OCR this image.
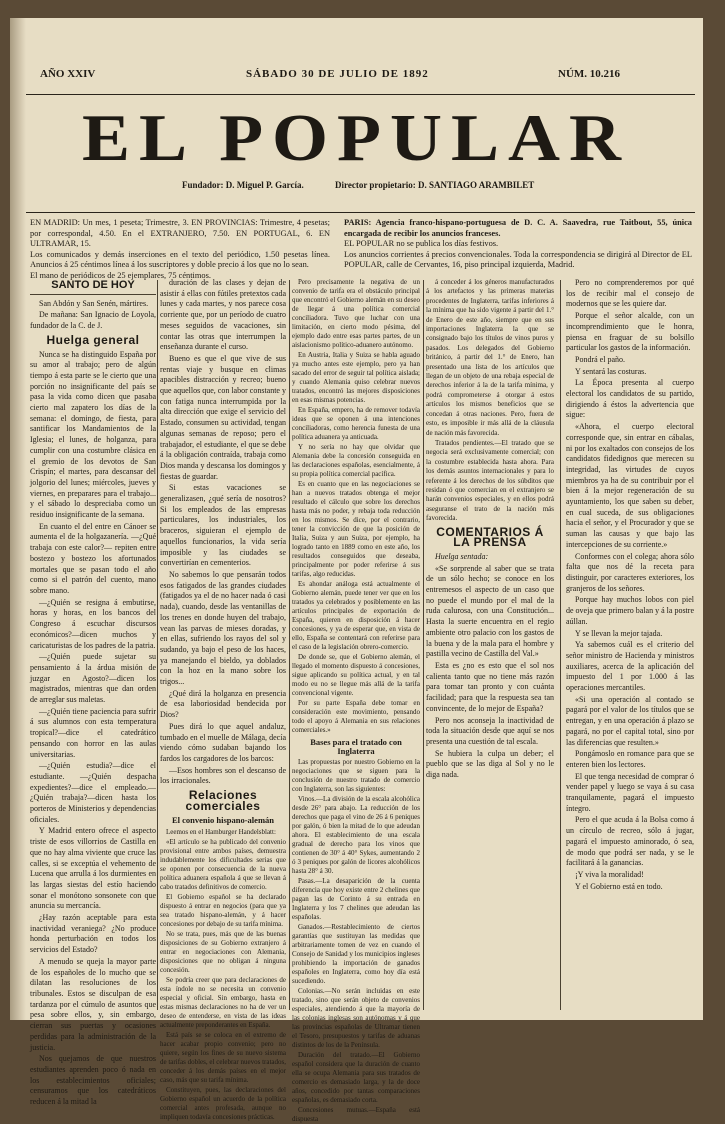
AÑO XXIV	SÁBADO 30 DE JULIO DE 1892	NÚM. 10.216
EL POPULAR
Fundador: D. Miguel P. García.	Director propietario: D. SANTIAGO ARAMBILET

EN MADRID: Un mes, 1 peseta; Trimestre, 3. EN PROVINCIAS: Trimestre, 4 pesetas; por correspondal, 4.50. En el EXTRANJERO, 7.50. EN PORTUGAL, 6. EN ULTRAMAR, 15.

Los comunicados y demás inserciones en el texto del periódico, 1.50 pesetas línea. Anuncios á 25 céntimos línea á los suscriptores y doble precio á los que no lo sean.

El mano de periódicos de 25 ejemplares, 75 céntimos.

PARIS: Agencia franco-hispano-portuguesa de D. C. A. Saavedra, rue Taitbout, 55, única encargada de recibir los anuncios franceses.

EL POPULAR no se publica los días festivos.

Los anuncios corrientes á precios convencionales. Toda la correspondencia se dirigirá al Director de EL POPULAR, calle de Cervantes, 16, piso principal izquierda, Madrid.

SANTO DE HOY

San Abdón y San Senén, mártires.

De mañana: San Ignacio de Loyola, fundador de la C. de J.

Huelga general

Nunca se ha distinguido España por su amor al trabajo; pero de algún tiempo á esta parte se le cierto que una porción no insignificante del país se pasa la vida como dicen que pasaba cierto mal zapatero los días de la semana: el domingo, de fiesta, para santificar los Mandamientos de la Iglesia; el lunes, de holganza, para cumplir con una costumbre clásica en el gremio de los devotos de San Crispín; el martes, para descansar del jolgorio del lunes; miércoles, jueves y viernes, en preparares para el trabajo... y el sábado lo despreciaba como un residuo insignificante de la semana.

En cuanto el del entre en Cánoer se aumenta el de la holgazanería. —¿Qué trabaja con este calor?— repiten entre bostezo y bostezo los afortunados mortales que se pasan todo el año como si el patrón del cuento, mano sobre mano.

—¿Quién se resigna á embutirse, horas y horas, en los bancos del Congreso á escuchar discursos económicos?—dicen muchos y caricaturistas de los padres de la patria.

—¿Quién puede sujetar su pensamiento á la árdua misión de juzgar en Agosto?—dicen los magistrados, mientras que dan orden de arreglar sus maletas.

—¿Quién tiene paciencia para sufrir á sus alumnos con esta temperatura tropical?—dice el catedrático pensando con horror en las aulas universitarias.

—¿Quién estudia?—dice el estudiante. —¿Quién despacha expedientes?—dice el empleado.—¿Quién trabaja?—dicen hasta los porteros de Ministerios y dependencias oficiales.

Y Madrid entero ofrece el aspecto triste de esos villorrios de Castilla en que no hay alma viviente que cruce las calles, si se exceptúa el vehemento de Lucena que arrulla á los durmientes en las largas siestas del estío haciendo sonar el monótono sonsonete con que anuncia su mercancía.

¿Hay razón aceptable para esta inactividad veraniega? ¿No produce honda perturbación en todos los servicios del Estado?

A menudo se queja la mayor parte de los españoles de lo mucho que se dilatan las resoluciones de los tribunales. Estos se disculpan de esa tardanza por el cúmulo de asuntos que pesa sobre ellos, y, sin embargo, cierran sus puertas y ocasiones perdidas para la administración de la justicia.

Nos quejamos de que nuestros estudiantes aprenden poco ó nada en los establecimientos oficiales; censuramos que los catedráticos reducen á la mitad la

duración de las clases y dejan de asistir á ellas con fútiles pretextos cada lunes y cada martes, y nos parece cosa corriente que, por un período de cuatro meses seguidos de vacaciones, sin contar las otras que interrumpen la enseñanza durante el curso.

Bueno es que el que vive de sus rentas viaje y busque en climas apacibles distracción y recreo; bueno que aquellos que, con labor constante y con fatiga nunca interrumpida por la alta dirección que exige el servicio del Estado, consumen su actividad, tengan algunas semanas de reposo; pero el trabajador, el estudiante, el que se debe á la obligación contraída, trabaja como Dios manda y descansa los domingos y fiestas de guardar.

Si estas vacaciones se generalizasen, ¿qué sería de nosotros? Si los empleados de las empresas particulares, los industriales, los braceros, siguieran el ejemplo de aquellos funcionarios, la vida sería imposible y las ciudades se convertirían en cementerios.

No sabemos lo que pensarán todos esos fatigados de las grandes ciudades (fatigados ya el de no hacer nada ó casi nada), cuando, desde las ventanillas de los trenes en donde huyen del trabajo, vean las parvas de mieses doradas, y en ellas, sufriendo los rayos del sol y sudando, ya bajo el peso de los haces, ya manejando el bieldo, ya doblados con la hoz en la mano sobre los trigos...

¿Qué dirá la holganza en presencia de esa laboriosidad bendecida por Dios?

Pues dirá lo que aquel andaluz, tumbado en el muelle de Málaga, decía viendo cómo sudaban bajando los fardos los cargadores de los barcos:

—Esos hombres son el descanso de los irracionales.

Relaciones comerciales
El convenio hispano-alemán

Leemos en el Hamburger Handelsblatt:

«El artículo se ha publicado del convenio provisional entre ambos países, demuestra indudablemente los dificultades serias que se oponen por consecuencia de la nueva política aduanera española á que se llevan á cabo tratados definitivos de comercio.

El Gobierno español se ha declarado dispuesto á entrar en negocios (para que ya sea tratado hispano-alemán, y á hacer concesiones por debajo de su tarifa mínima.

No se trata, pues, más que de las buenas disposiciones de su Gobierno extranjero á entrar en negociaciones con Alemania, disposiciones que no obligan á ninguna concesión.

Se podría creer que para declaraciones de esta índole no se necesita un convenio especial y oficial. Sin embargo, hasta en estas mismas declaraciones no ha de ver un deseo de entenderse, en vista de las ideas actualmente preponderantes en España.

Está país se se coloca en el extremo de hacer acabar propio convenio; pero no quiere, según los fines de su nuevo sistema de tarifas dobles, el celebrar nuevos tratados, conceder á los demás países en el mejor caso, más que su tarifa mínima.

Constituyen, pues, las declaraciones del Gobierno español un acuerdo de la política comercial antes profesada, aunque no impliquen todavía concesiones prácticas.

Pero precisamente la negativa de un convenio de tarifa era el obstáculo principal que encontró el Gobierno alemán en su deseo de llegar á una política comercial conciliadora. Tuvo que luchar con una limitación, en cierto modo pésima, del ejemplo dado entre esas partes partes, de un aislacionismo político-aduanero autónomo.

En Austria, Italia y Suiza se habla aguado ya mucho antes este ejemplo, pero ya han sacado del error de seguir tal política aislada; y cuando Alemania quiso celebrar nuevos tratados, encontró las mejores disposiciones en esas mismas potencias.

En España, empero, ha de remover todavía ideas que se oponen á una intenciones conciliadoras, como herencia funesta de una política aduanera ya anticuada.

Y no sería no hay que olvidar que Alemania debe la concesión conseguida en las declaraciones españolas, esencialmente, á su propia política comercial pacífica.

Es en cuanto que en las negociaciones se han a nuevos tratados obtenga el mejor resultado el cálculo que sobre los derechos hasta más no poder, y rebaja toda reducción en los mismos. Se dice, por el contrario, tener la convicción de que la posición de Italia, Suiza y aun Suiza, por ejemplo, ha logrado tanto en 1889 como en este año, los resultados conseguidos que deseaba, principalmente por poder referirse á sus tarifas, algo reducidas.

Es ahondar análoga está actualmente el Gobierno alemán, puede tener ver que en los tratados ya celebrados y posiblemente en las artículos principales de exportación de España, quieren en disposición á hacer concesiones, y ya de esperar que, en vista de ello, España se contentará con referirse para el caso de la legislación obrero-comercio.

De donde se, que el Gobierno alemán, el llegado el momento dispuesto á concesiones, sigue aplicando su política actual, y en tal modo eu no se llegue más allá de la tarifa convencional vigente.

Por su parte España debe tomar en consideración este movimiento, pensando todo el apoyo á Alemania en sus relaciones comerciales.»

Bases para el tratado con Inglaterra

Las propuestas por nuestro Gobierno en la negociaciones que se siguen para la conclusión de nuestro tratado de comercio con Inglaterra, son las siguientes:

Vinos.—La división de la escala alcohólica desde 26° para abajo. La reducción de los derechos que paga el vino de 26 á 6 peniques por galón, ó bien la mitad de lo que adeudan ahora. El establecimiento de una escala gradual de derecho para los vinos que contienen de 30° á 40° Sykes, aumentando 2 ó 3 peniques por galón de licores alcohólicos hasta 28° á 30.

Pasas.—La desaparición de la cuenta diferencia que hoy existe entre 2 chelines que pagan las de Corinto á su entrada en Inglaterra y los 7 chelines que adeudan las españolas.

Ganados.—Restablecimiento de ciertos garantías que sustituyan las medidas que arbitrariamente tomen de vez en cuando el Consejo de Sanidad y los municipios ingleses prohibiendo la importación de ganados españoles en Inglaterra, como hoy día está sucediendo.

Colonias.—No serán incluidas en este tratado, sino que serán objeto de convenios especiales, atendiendo á que la mayoría de las colonias inglesas son autónomas y á que las provincias españolas de Ultramar tienen el Tesoro, presupuestos y tarifas de aduanas distintos de los de la Península.

Duración del tratado.—El Gobierno español considera que la duración de cuanto ella se ocupa Alemania para sus tratados de comercio es demasiado larga, y la de doce años, concedido por tantas comparaciones españolas, es demasiado corta.

Concesiones mutuas.—España está dispuesta

á conceder á los géneros manufacturados á los artefactos y las primeras materias procedentes de Inglaterra, tarifas inferiores á la mínima que ha sido vigente á partir del 1.° de Enero de este año, siempre que en sus importaciones Inglaterra la que se consignado bajo los títulos de vinos puros y pasados. Los delegados del Gobierno británico, á partir del 1.° de Enero, han presentado una lista de los artículos que llegan de un objeto de una rebaja especial de derechos inferior á la de la tarifa mínima, y podrá comprometerse á otorgar á estos artículos los mismos beneficios que se concedan á otras naciones. Pero, fuera de esto, es imposible ir más allá de la cláusula de nación más favorecida.

Tratados pendientes.—El tratado que se negocia será exclusivamente comercial; con la costumbre establecida hasta ahora. Para los demás asuntos internacionales y para lo referente á los derechos de los súbditos que residan ó que comercian en el extranjero se harán convenios especiales, y en ellos podrá aseguranse el trato de la nación más favorecida.

COMENTARIOS Á LA PRENSA

Huelga sentada:

«Se sorprende al saber que se trata de un sólo hecho; se conoce en los entremesos el aspecto de un caso que no puede el mundo por el mal de la ruda calurosa, con una Constitución... Hasta la suerte encuentra en el regio ambiente otro palacio con los gastos de la buena y de la mala para el hombre y pastilla vecino de Castilla del Val.»

Esta es ¿no es esto que el sol nos calienta tanto que no tiene más razón para tomar tan pronto y con cuánta facilidad; para que la respuesta sea tan convincente, de lo mejor de España?

Pero nos aconseja la inactividad de toda la situación desde que aquí se nos presenta una cuestión de tal escala.

Se hubiera la culpa un deber; el pueblo que se las diga al Sol y no le diga nada.

Pero no comprenderemos por qué los de recibir mal el consejo de modernos que se les quiere dar.

Porque el señor alcalde, con un incomprendimiento que le honra, piensa en fraguar de su bolsillo particular los gastos de la información.

Pondrá el paño.

Y sentará las costuras.

La Época presenta al cuerpo electoral los candidatos de su partido, dirigiendo á éstos la advertencia que sigue:

«Ahora, el cuerpo electoral corresponde que, sin entrar en cábalas, ni por los exaltados con consejos de los candidatos fidedignos que merecen su integridad, las virtudes de cuyos miembros ya ha de su contribuir por el bien á la mejor regeneración de su ayuntamiento, los que saben su deber, en cual suceda, de sus obligaciones hacia el señor, y el Procurador y que se suman las causas y que bajo las intercepciones de su corriente.»

Conformes con el colega; ahora sólo falta que nos dé la receta para distinguir, por caracteres exteriores, los granjeros de los señores.

Porque hay muchos lobos con piel de oveja que primero balan y á la postre aúllan.

Y se llevan la mejor tajada.

Ya sabemos cuál es el criterio del señor ministro de Hacienda y ministros auxiliares, acerca de la aplicación del impuesto del 1 por 1.000 á las operaciones mercantiles.

«Si una operación al contado se pagará por el valor de los títulos que se entregan, y en una operación á plazo se pagará, no por el capital total, sino por las diferencias que resulten.»

Pongámoslo en romance para que se enteren bien los lectores.

El que tenga necesidad de comprar ó vender papel y luego se vaya á su casa tranquilamente, pagará el impuesto íntegro.

Pero el que acuda á la Bolsa como á un círculo de recreo, sólo á jugar, pagará el impuesto aminorado, ó sea, de modo que podrá ser nada, y se le facilitará á la ganancias.

¡Y viva la moralidad!

Y el Gobierno está en todo.
